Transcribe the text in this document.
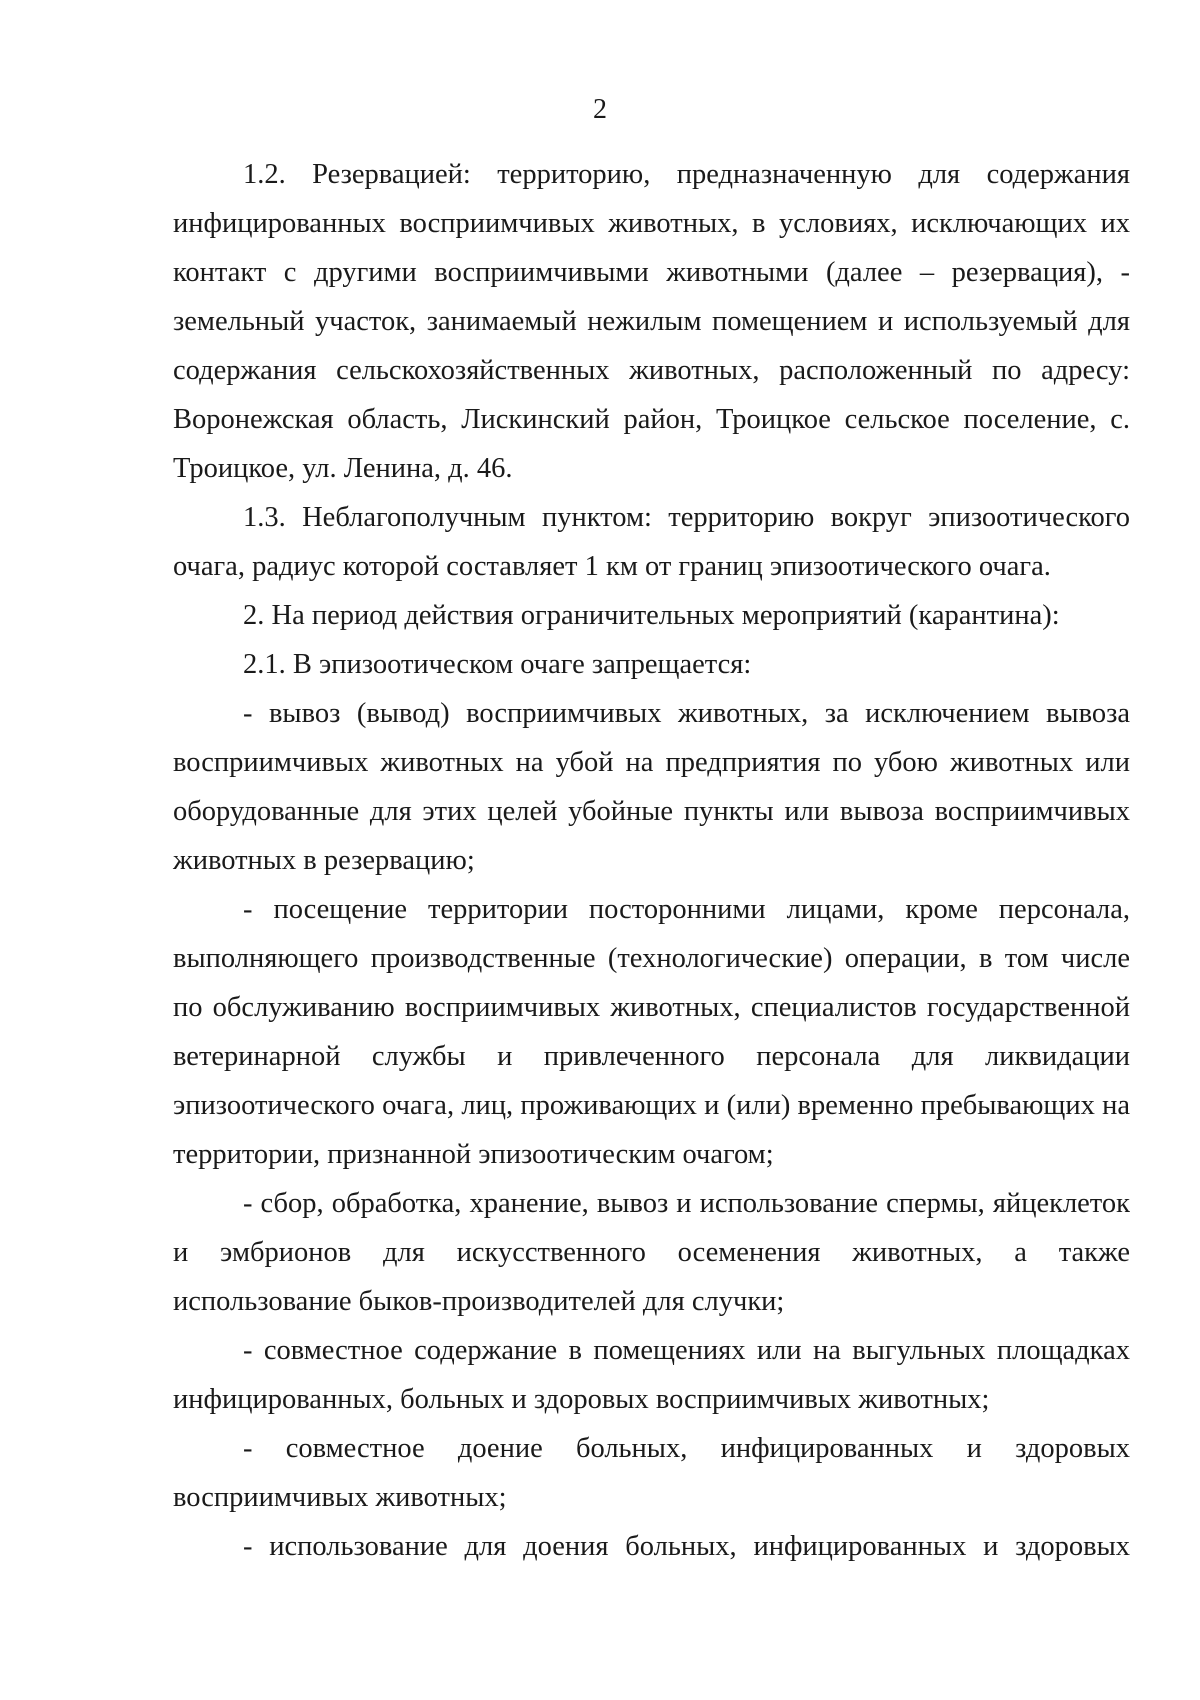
2

1.2. Резервацией: территорию, предназначенную для содержания инфицированных восприимчивых животных, в условиях, исключающих их контакт с другими восприимчивыми животными (далее – резервация), - земельный участок, занимаемый нежилым помещением и используемый для содержания сельскохозяйственных животных, расположенный по адресу: Воронежская область, Лискинский район, Троицкое сельское поселение, с. Троицкое, ул. Ленина, д. 46.

1.3. Неблагополучным пунктом: территорию вокруг эпизоотического очага, радиус которой составляет 1 км от границ эпизоотического очага.

2. На период действия ограничительных мероприятий (карантина):

2.1. В эпизоотическом очаге запрещается:

- вывоз (вывод) восприимчивых животных, за исключением вывоза восприимчивых животных на убой на предприятия по убою животных или оборудованные для этих целей убойные пункты или вывоза восприимчивых животных в резервацию;

- посещение территории посторонними лицами, кроме персонала, выполняющего производственные (технологические) операции, в том числе по обслуживанию восприимчивых животных, специалистов государственной ветеринарной службы и привлеченного персонала для ликвидации эпизоотического очага, лиц, проживающих и (или) временно пребывающих на территории, признанной эпизоотическим очагом;

- сбор, обработка, хранение, вывоз и использование спермы, яйцеклеток и эмбрионов для искусственного осеменения животных, а также использование быков-производителей для случки;

- совместное содержание в помещениях или на выгульных площадках инфицированных, больных и здоровых восприимчивых животных;

- совместное доение больных, инфицированных и здоровых восприимчивых животных;

- использование для доения больных, инфицированных и здоровых
